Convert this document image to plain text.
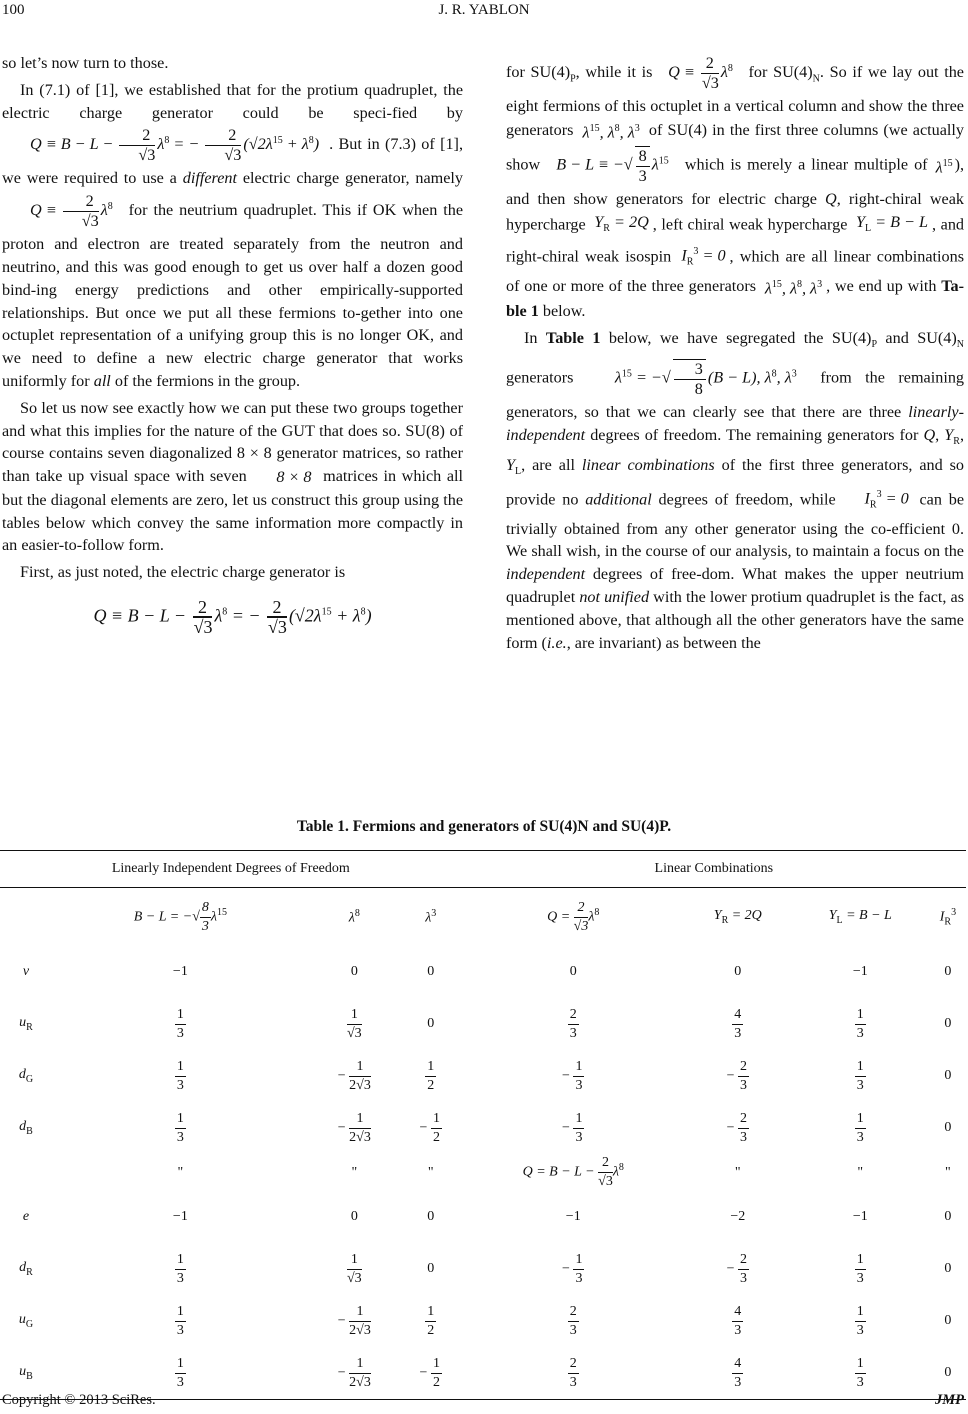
100	J. R. YABLON

so let’s now turn to those.

In (7.1) of [1], we established that for the protium quadruplet, the electric charge generator could be speci-fied by $Q \equiv B - L - \frac{2}{√3} \lambda^8$ = − $\frac{2}{√3} (√2\lambda^{15} + \lambda^8)$ . But in (7.3) of [1], we were required to use a different electric charge generator, namely $Q \equiv \frac{2}{√3} \lambda^8$ for the neutrium quadruplet. This if OK when the proton and electron are treated separately from the neutron and neutrino, and this was good enough to get us over half a dozen good bind-ing energy predictions and other empirically-supported relationships. But once we put all these fermions to-gether into one octuplet representation of a unifying group this is no longer OK, and we need to define a new electric charge generator that works uniformly for all of the fermions in the group.

So let us now see exactly how we can put these two groups together and what this implies for the nature of the GUT that does so. SU(8) of course contains seven diagonalized 8 × 8 generator matrices, so rather than take up visual space with seven 8 × 8 matrices in which all but the diagonal elements are zero, let us construct this group using the tables below which convey the same information more compactly in an easier-to-follow form.

First, as just noted, the electric charge generator is

$Q \equiv B - L - \frac{2}{√3} \lambda^8$ = − $\frac{2}{√3} (√2\lambda^{15} + \lambda^8)$

for $SU(4)_P$, while it is $Q \equiv \frac{2}{√3} \lambda^8$ for $SU(4)_N$. So if we lay out the eight fermions of this octuplet in a vertical column and show the three generators $\lambda^{15}$, $\lambda^8$, $\lambda^3$ of SU(4) in the first three columns (we actually show B − L ≡ −√ $\frac{8}{3} \lambda^{15}$ which is merely a linear multiple of $\lambda^{15}$ ), and then show generators for electric charge Q, right-chiral weak hypercharge $Y_R = 2Q$ , left chiral weak hypercharge $Y_L = B - L$ , and right-chiral weak isospin $I_R^3 = 0$ , which are all linear combinations of one or more of the three generators $\lambda^{15}$, $\lambda^8$, $\lambda^3$ , we end up with Ta-ble 1 below.

In Table 1 below, we have segregated the $SU(4)_P$ and $SU(4)_N$ generators	$\lambda^{15}$ = −√ $\frac{3}{8} (B - L)$, $\lambda^8$, $\lambda^3$ from the remaining generators, so that we can clearly see that there are three linearly-independent degrees of freedom. The remaining generators for Q, $Y_R$, $Y_L$, are all linear combinations of the first three generators, and so provide no additional degrees of freedom, while $I_R^3 = 0$ can be trivially obtained from any other generator using the co-efficient 0. We shall wish, in the course of our analysis, to maintain a focus on the independent degrees of free-dom. What makes the upper neutrium quadruplet not unified with the lower protium quadruplet is the fact, as mentioned above, that although all the other generators have the same form (i.e., are invariant) as between the

Table 1. Fermions and generators of SU(4)N and SU(4)P.
Linearly Independent Degrees of Freedom				Linear Combinations			
	B − L = −√ $\frac{8}{3} \lambda^{15}$	$\lambda^8$	$\lambda^3$	$Q = \frac{2}{√3} \lambda^8$	$Y_R = 2Q$	$Y_L = B - L$	$I_R^3$
ν	−1	0	0	0	0	−1	0
$u_R$	$\frac{1}{3}$	$\frac{1}{√3}$	0	$\frac{2}{3}$	$\frac{4}{3}$	$\frac{1}{3}$	0
$d_G$	$\frac{1}{3}$	− $\frac{1}{2√3}$	$\frac{1}{2}$	− $\frac{1}{3}$	− $\frac{2}{3}$	$\frac{1}{3}$	0
$d_B$	$\frac{1}{3}$	− $\frac{1}{2√3}$	− $\frac{1}{2}$	− $\frac{1}{3}$	− $\frac{2}{3}$	$\frac{1}{3}$	0
	"	"	"	$Q = B - L - \frac{2}{√3} \lambda^8$	"	"	"
e	−1	0	0	−1	−2	−1	0
$d_R$	$\frac{1}{3}$	$\frac{1}{√3}$	0	− $\frac{1}{3}$	− $\frac{2}{3}$	$\frac{1}{3}$	0
$u_G$	$\frac{1}{3}$	− $\frac{1}{2√3}$	$\frac{1}{2}$	$\frac{2}{3}$	$\frac{4}{3}$	$\frac{1}{3}$	0
$u_B$	$\frac{1}{3}$	− $\frac{1}{2√3}$	− $\frac{1}{2}$	$\frac{2}{3}$	$\frac{4}{3}$	$\frac{1}{3}$	0
Copyright © 2013 SciRes.	JMP
